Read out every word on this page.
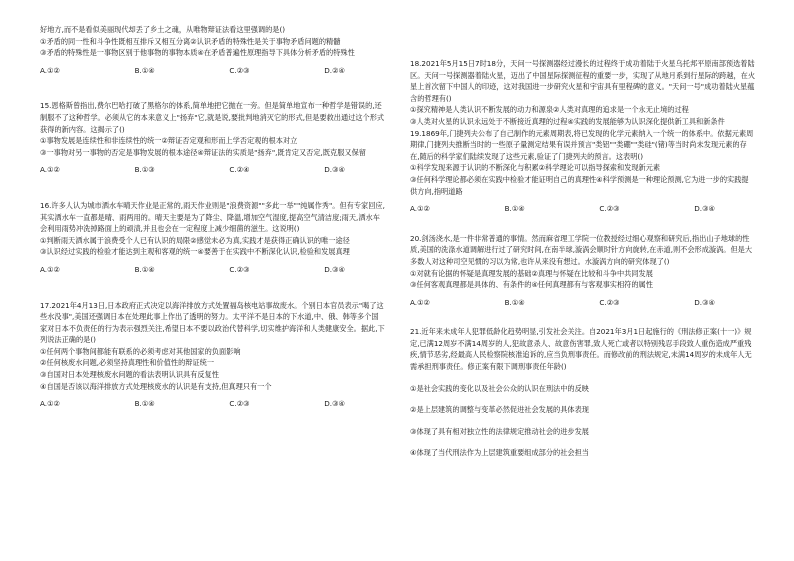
好地方,而不是看似美丽现代却丢了乡土之魂，从唯物辩证法看这里强调的是()

①矛盾的同一性和斗争性既相互排斥又相互分离②认识矛盾的特殊性是关于事物矛盾问题的精髓

③矛盾的特殊性是一事物区别于他事物的事物本质④在矛盾普遍性原理指导下具体分析矛盾的特殊性

A.①②	B.①④	C.②③	D.②④

15.恩格斯曾指出,费尔巴哈打破了黑格尔的体系,简单地把它抛在一旁。但是简单地宣布一种哲学是错误的,还制服不了这种哲学。必须从它的本来意义上"扬弃"它,就是说,要批判地消灭它的形式,但是要救出通过这个形式获得的新内容。这揭示了()

①事物发展是连续性和非连续性的统一②辩证否定观和形而上学否定观的根本对立

③一事物对另一事物的否定是事物发展的根本途径④辩证法的实质是"扬弃",既肯定又否定,既克服又保留

A.①②	B.①③	C.②④	D.③④

16.许多人认为城市洒水车晴天作业是正常的,雨天作业则是"浪费资源""多此一举""纯属作秀"。但有专家回应,其实洒水车一直都是晴、雨两用的。晴天主要是为了降尘、降温,增加空气湿度,提高空气清洁度;雨天,洒水车会利用雨势冲洗掉路面上的顽渍,并且也会在一定程度上减少细菌的滋生。这说明()

①判断雨天洒水属于浪费受个人已有认识的局限②感觉未必为真,实践才是获得正确认识的唯一途径

③认识经过实践的检验才能达到主观和客观的统一④要善于在实践中不断深化认识,检验和发展真理

A.①②	B.①④	C.②③	D.③④

17.2021年4月13日,日本政府正式决定以海洋排放方式处置福岛核电站事故废水。个别日本官员表示"喝了这些水没事",美国还强调日本在处理此事上作出了透明的努力。太平洋不是日本的下水道,中、俄、韩等多个国家对日本不负责任的行为表示强烈关注,希望日本不要以政治代替科学,切实维护海洋和人类健康安全。据此,下列说法正确的是()

①任何两个事物间都能有联系的必须考虑对其他国家的负面影响

②任何核废水问题,必须坚持真理性和价值性的辩证统一

③自国对日本处理核废水问题的看法表明认识具有反复性

④自国是否该以海洋排放方式处理核废水的认识是有支持,但真理只有一个

A.①②	B.①④	C.②③	D.③④

18.2021年5月15日7时18分，天问一号探测器经过漫长的过程终于成功着陆于火星乌托邦平原南部预选着陆区。天问一号探测器着陆火星，迈出了中国星际探测征程的重要一步，实现了从地月系到行星际的跨越，在火星上首次留下中国人的印迹，这对我国进一步研究火星和宇宙具有里程碑的意义。"天问一号"成功着陆火星蕴含的哲理有()

①探究精神是人类认识不断发展的动力和源泉②人类对真理的追求是一个永无止境的过程

③人类对火星的认识永远处于不断接近真理的过程④实践的发展能够为认识深化提供新工具和新条件

19.1869年,门捷列夫公布了自己制作的元素周期表,将已发现的化学元素纳入一个统一的体系中。依据元素周期律,门捷列夫推断当时的一些原子量测定结果有误并预言"类铝""类硼""类硅"(锗)等当时尚未发现元素的存在,随后的科学家们陆续发现了这些元素,验证了门捷列夫的预言。这表明()

①科学发现来源于认识的不断深化与积累②科学理论可以指导探索和发现新元素

③任何科学理论都必须在实践中检验才能证明自己的真理性④科学预测是一种理论预测,它为进一步的实践提供方向,指明道路

A.①②	B.①④	C.②③	D.③④

20.剑汤浇水,是一件非常普通的事情。然而麻省理工学院一位教授经过细心观察和研究后,指出山子地球的性质,美国的洗涤水道调解进行过了研究时间,在南半球,漩涡会顺时针方向旋转,在赤道,则不会形成漩涡。但是大多数人对这种司空见惯的习以为常,也许从来没有想过。水漩涡方向的研究体现了()

①对就有论据的怀疑是真理发展的基础②真理与怀疑在比较和斗争中共同发展

③任何客观真理都是具体的、有条件的④任何真理都有与客观事实相符的属性

A.①②	B.①④	C.②③	D.③④

21.近年来未成年人犯罪低龄化趋势明显,引发社会关注。自2021年3月1日起施行的《刑法修正案(十一)》规定,已满12周岁不满14周岁的人,犯故意杀人、故意伤害罪,致人死亡或者以特别残忍手段致人重伤造成严重残疾,情节恶劣,经最高人民检察院核准追诉的,应当负刑事责任。而修改前的刑法规定,未满14周岁的未成年人无需承担刑事责任。修正案有限下调刑事责任年龄()

①是社会实践的变化以及社会公众的认识在刑法中的反映

②是上层建筑的调整与变革必然促进社会发展的具体表现

③体现了具有相对独立性的法律规定推动社会的进步发展

④体现了当代刑法作为上层建筑重要组成部分的社会担当
